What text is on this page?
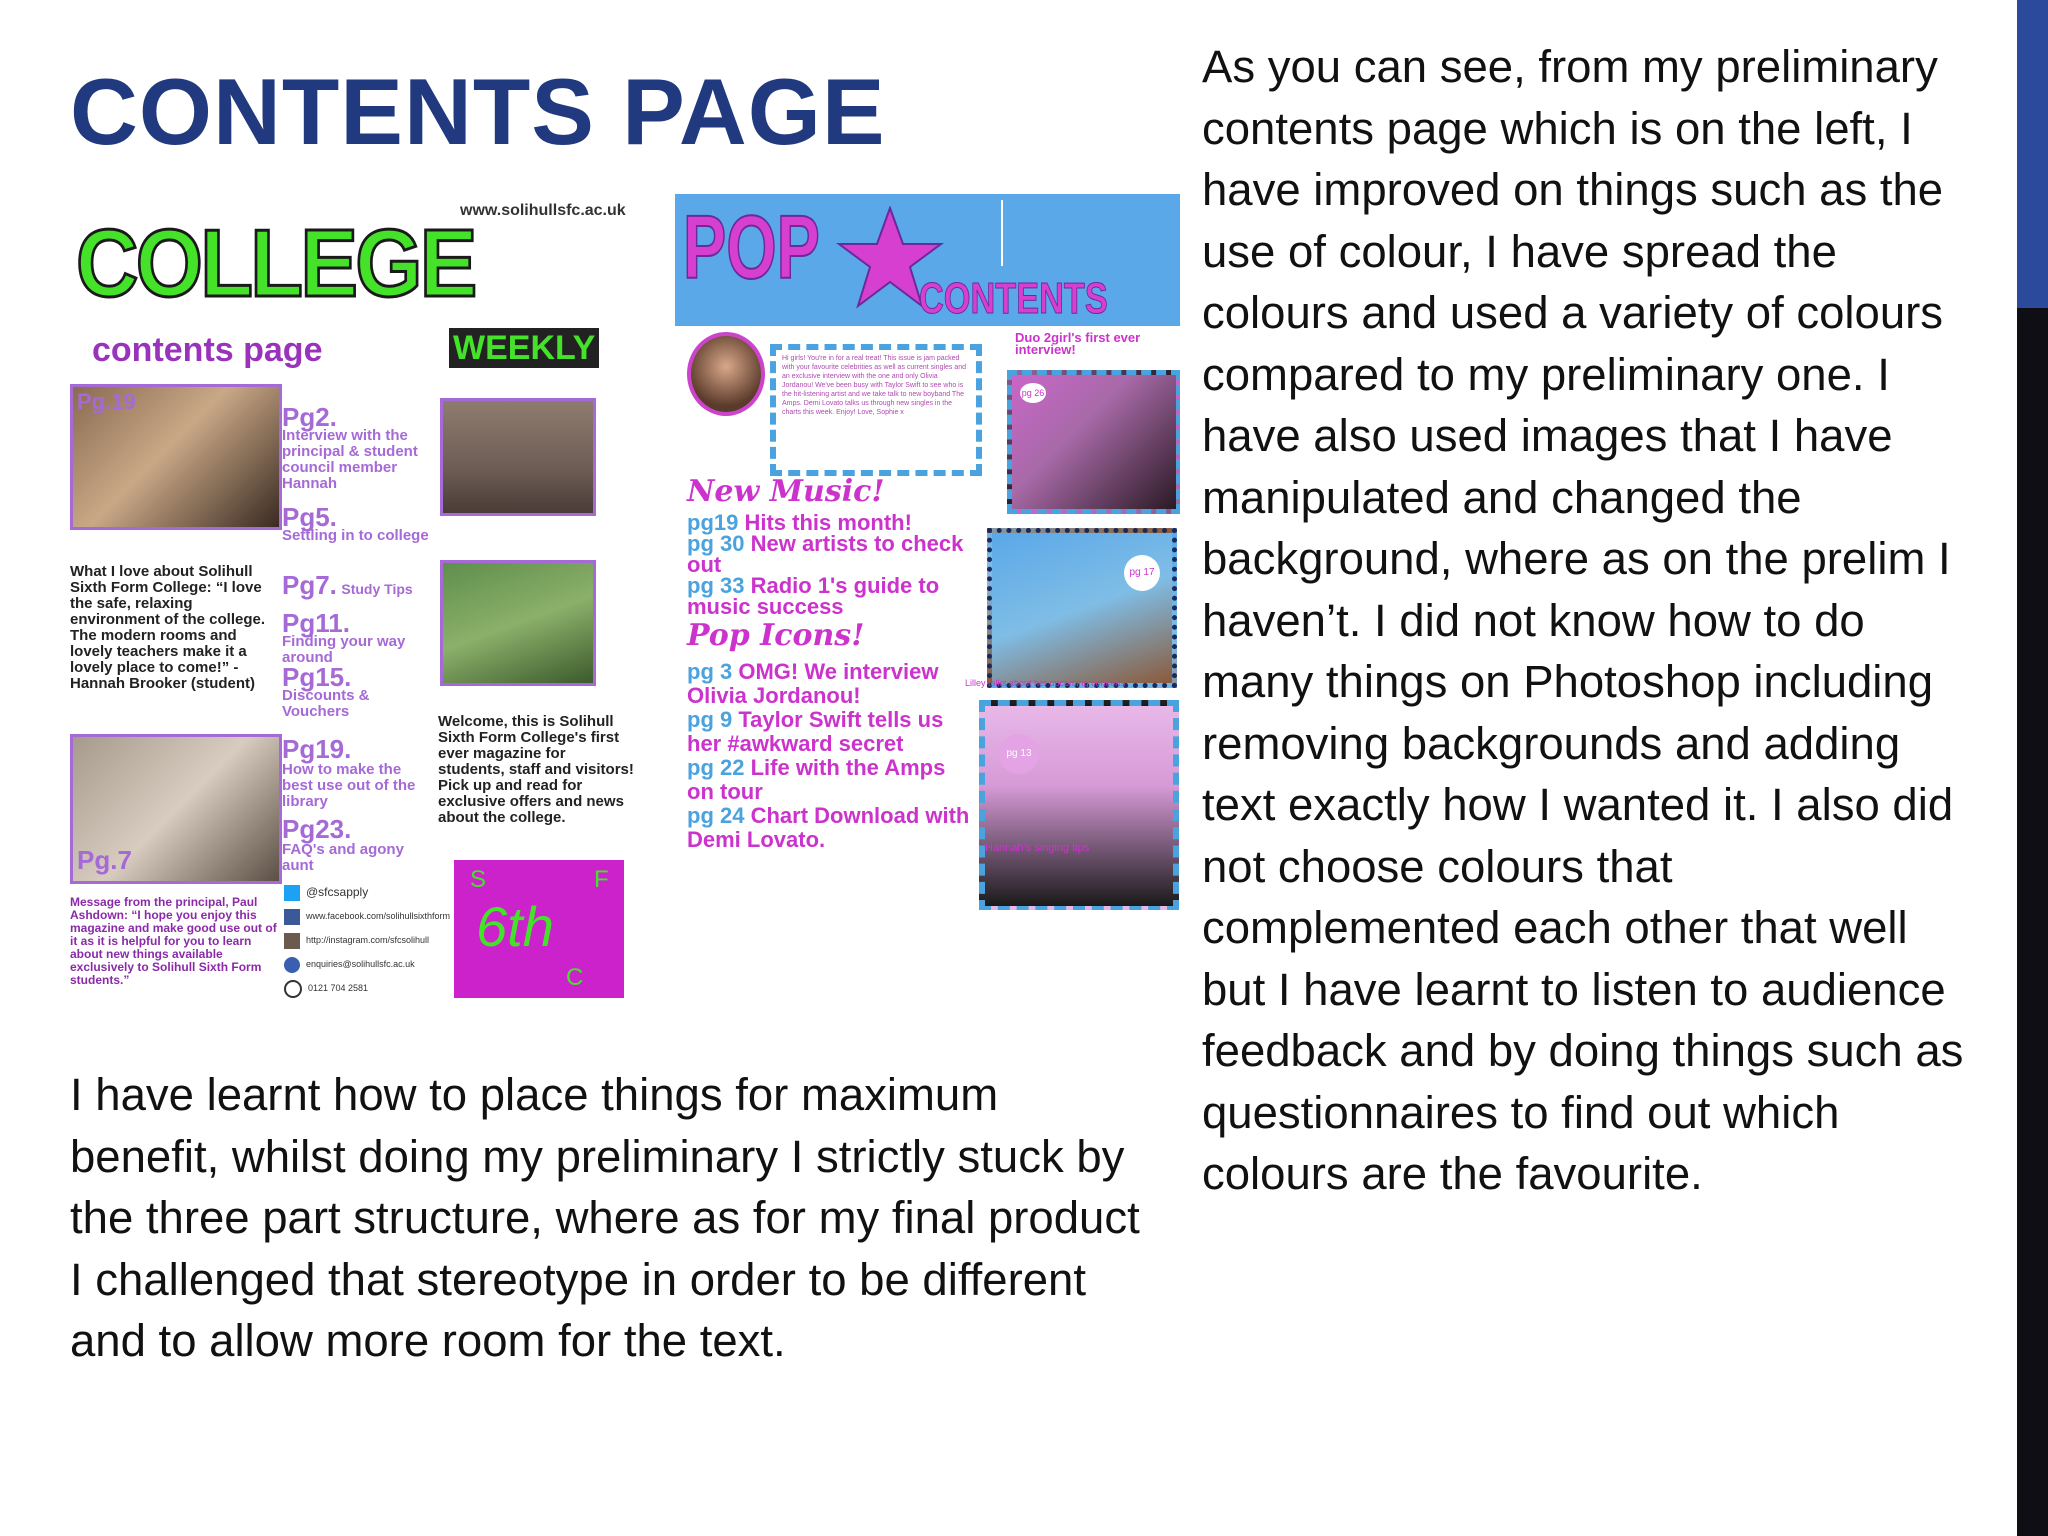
CONTENTS PAGE	As you can see, from my preliminary contents page which is on the left, I have improved on things such as the use of colour, I have spread the colours and used a variety of colours compared to my preliminary one. I have also used images that I have manipulated and changed the background, where as on the prelim I haven’t. I did not know how to do many things on Photoshop including removing backgrounds and adding text exactly how I wanted it. I also did not choose colours that complemented each other that well but I have learnt to listen to audience feedback and by doing things such as questionnaires to find out which colours are the favourite.

I have learnt how to place things for maximum benefit, whilst doing my preliminary I strictly stuck by the three part structure, where as for my final product I challenged that stereotype in order to be different and to allow more room for the text.

www.solihullsfc.ac.uk
COLLEGE
contents page	WEEKLY
Pg.19
Pg.7
Pg2.
Interview with the principal & student council member Hannah
Pg5.
Settling in to college
Pg7. Study Tips
Pg11.
Finding your way around
Pg15.
Discounts & Vouchers
Pg19.
How to make the best use out of the library
Pg23.
FAQ's and agony aunt
What I love about Solihull Sixth Form College: “I love the safe, relaxing environment of the college. The modern rooms and lovely teachers make it a lovely place to come!” -Hannah Brooker (student)
Welcome, this is Solihull Sixth Form College's first ever magazine for students, staff and visitors! Pick up and read for exclusive offers and news about the college.
Message from the principal, Paul Ashdown: “I hope you enjoy this magazine and make good use out of it as it is helpful for you to learn about new things available exclusively to Solihull Sixth Form students.”
@sfcsapply
www.facebook.com/solihullsixthform
http://instagram.com/sfcsolihull
enquiries@solihullsfc.ac.uk
0121 704 2581
6th
S	F
C
POP
CONTENTS
Hi girls! You're in for a real treat! This issue is jam packed with your favourite celebrities as well as current singles and an exclusive interview with the one and only Olivia Jordanou! We've been busy with Taylor Swift to see who is the hit-listening artist and we take talk to new boyband The Amps. Demi Lovato talks us through new singles in the charts this week. Enjoy! Love, Sophie x
Duo 2girl's first ever interview!
pg 26
New Music!
pg19 Hits this month!
pg 30 New artists to check out
pg 33 Radio 1's guide to music success
Pop Icons!
pg 3 OMG! We interview Olivia Jordanou!
pg 9 Taylor Swift tells us her #awkward secret
pg 22 Life with the Amps on tour
pg 24 Chart Download with Demi Lovato.
pg 17
Lilley talks about her upcoming concerts
pg 13
Hannah's singing tips
